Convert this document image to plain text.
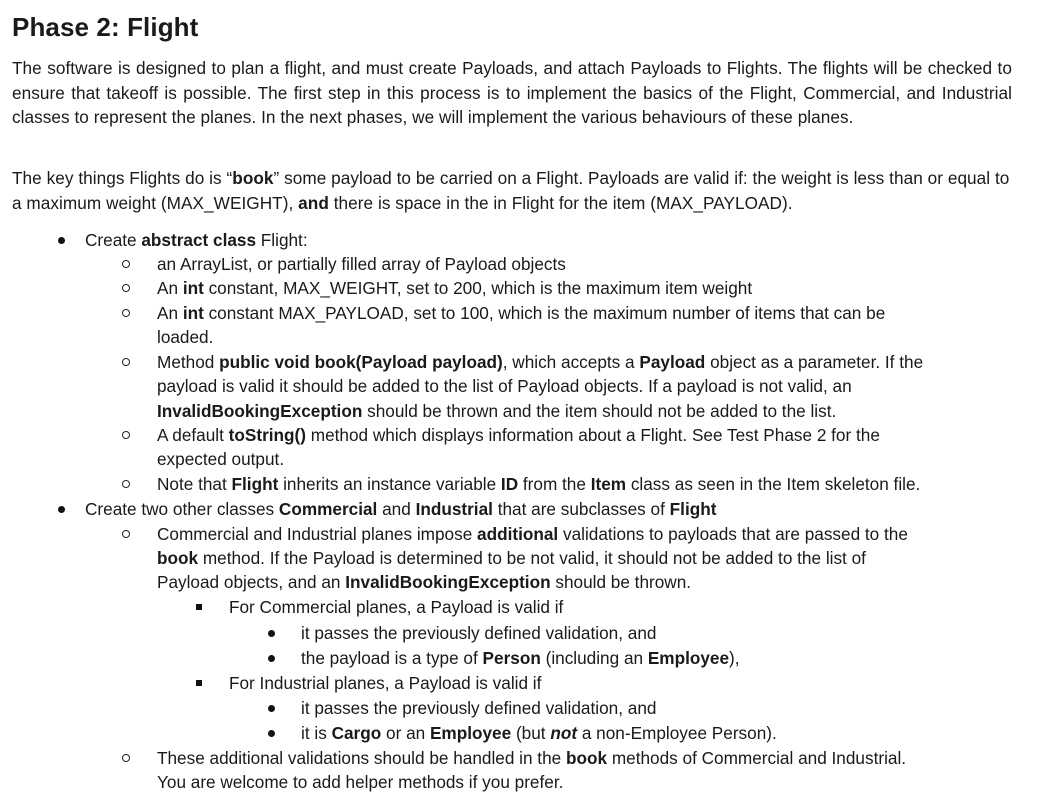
Phase 2: Flight

The software is designed to plan a flight, and must create Payloads, and attach Payloads to Flights. The flights will be checked to ensure that takeoff is possible. The first step in this process is to implement the basics of the Flight, Commercial, and Industrial classes to represent the planes. In the next phases, we will implement the various behaviours of these planes.

The key things Flights do is “book” some payload to be carried on a Flight. Payloads are valid if: the weight is less than or equal to a maximum weight (MAX_WEIGHT), and there is space in the in Flight for the item (MAX_PAYLOAD).

Create abstract class Flight:
an ArrayList, or partially filled array of Payload objects
An int constant, MAX_WEIGHT, set to 200, which is the maximum item weight
An int constant MAX_PAYLOAD, set to 100, which is the maximum number of items that can be
loaded.
Method public void book(Payload payload), which accepts a Payload object as a parameter. If the
payload is valid it should be added to the list of Payload objects. If a payload is not valid, an
InvalidBookingException should be thrown and the item should not be added to the list.
A default toString() method which displays information about a Flight. See Test Phase 2 for the
expected output.
Note that Flight inherits an instance variable ID from the Item class as seen in the Item skeleton file.
Create two other classes Commercial and Industrial that are subclasses of Flight
Commercial and Industrial planes impose additional validations to payloads that are passed to the
book method. If the Payload is determined to be not valid, it should not be added to the list of
Payload objects, and an InvalidBookingException should be thrown.
For Commercial planes, a Payload is valid if
it passes the previously defined validation, and
the payload is a type of Person (including an Employee),
For Industrial planes, a Payload is valid if
it passes the previously defined validation, and
it is Cargo or an Employee (but not a non-Employee Person).
These additional validations should be handled in the book methods of Commercial and Industrial.
You are welcome to add helper methods if you prefer.
